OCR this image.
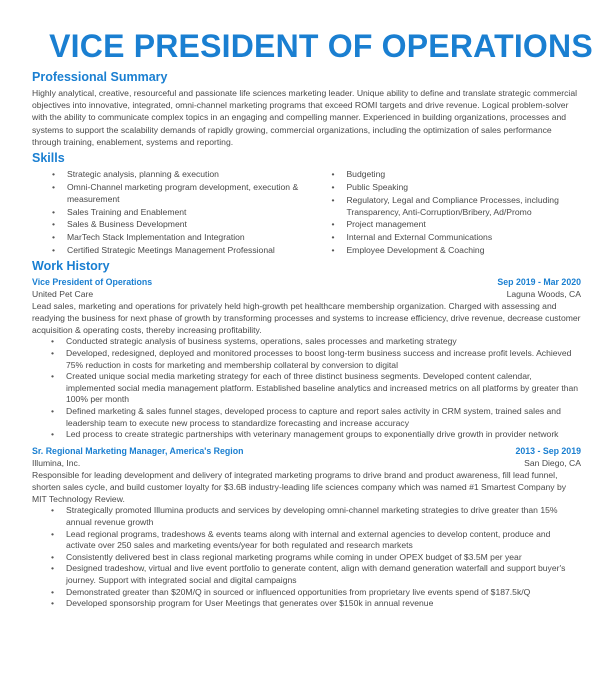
VICE PRESIDENT OF OPERATIONS
Professional Summary

Highly analytical, creative, resourceful and passionate life sciences marketing leader. Unique ability to define and translate strategic commercial objectives into innovative, integrated, omni-channel marketing programs that exceed ROMI targets and drive revenue. Logical problem-solver with the ability to communicate complex topics in an engaging and compelling manner. Experienced in building organizations, processes and systems to support the scalability demands of rapidly growing, commercial organizations, including the optimization of sales performance through training, enablement, systems and reporting.

Skills
• Strategic analysis, planning & execution
• Omni-Channel marketing program development, execution & measurement
• Sales Training and Enablement
• Sales & Business Development
• MarTech Stack Implementation and Integration
• Certified Strategic Meetings Management Professional
• Budgeting
• Public Speaking
• Regulatory, Legal and Compliance Processes, including Transparency, Anti-Corruption/Bribery, Ad/Promo
• Project management
• Internal and External Communications
• Employee Development & Coaching
Work History
Vice President of Operations	Sep 2019 - Mar 2020
United Pet Care	Laguna Woods, CA

Lead sales, marketing and operations for privately held high-growth pet healthcare membership organization. Charged with assessing and readying the business for next phase of growth by transforming processes and systems to increase efficiency, drive revenue, decrease customer acquisition & operating costs, thereby increasing profitability.

• Conducted strategic analysis of business systems, operations, sales processes and marketing strategy
• Developed, redesigned, deployed and monitored processes to boost long-term business success and increase profit levels. Achieved 75% reduction in costs for marketing and membership collateral by conversion to digital
• Created unique social media marketing strategy for each of three distinct business segments. Developed content calendar, implemented social media management platform. Established baseline analytics and increased metrics on all platforms by greater than 100% per month
• Defined marketing & sales funnel stages, developed process to capture and report sales activity in CRM system, trained sales and leadership team to execute new process to standardize forecasting and increase accuracy
• Led process to create strategic partnerships with veterinary management groups to exponentially drive growth in provider network
Sr. Regional Marketing Manager, America's Region	2013 - Sep 2019
Illumina, Inc.	San Diego, CA

Responsible for leading development and delivery of integrated marketing programs to drive brand and product awareness, fill lead funnel, shorten sales cycle, and build customer loyalty for $3.6B industry-leading life sciences company which was named #1 Smartest Company by MIT Technology Review.

• Strategically promoted Illumina products and services by developing omni-channel marketing strategies to drive greater than 15% annual revenue growth
• Lead regional programs, tradeshows & events teams along with internal and external agencies to develop content, produce and activate over 250 sales and marketing events/year for both regulated and research markets
• Consistently delivered best in class regional marketing programs while coming in under OPEX budget of $3.5M per year
• Designed tradeshow, virtual and live event portfolio to generate content, align with demand generation waterfall and support buyer's journey. Support with integrated social and digital campaigns
• Demonstrated greater than $20M/Q in sourced or influenced opportunities from proprietary live events spend of $187.5k/Q
• Developed sponsorship program for User Meetings that generates over $150k in annual revenue
